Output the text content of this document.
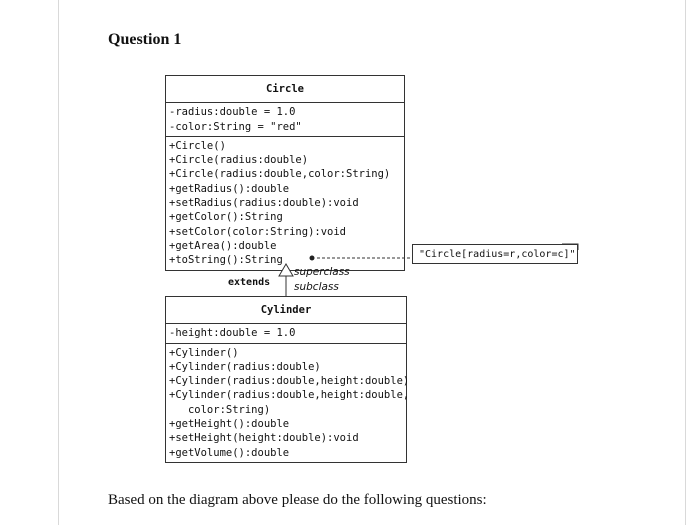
Question 1
Circle
-radius:double = 1.0
-color:String = "red"
+Circle()
+Circle(radius:double)
+Circle(radius:double,color:String)
+getRadius():double
+setRadius(radius:double):void
+getColor():String
+setColor(color:String):void
+getArea():double
+toString():String	"Circle[radius=r,color=c]"
extends
superclass
subclass
Cylinder
-height:double = 1.0
+Cylinder()
+Cylinder(radius:double)
+Cylinder(radius:double,height:double)
+Cylinder(radius:double,height:double,
color:String)
+getHeight():double
+setHeight(height:double):void
+getVolume():double
Based on the diagram above please do the following questions:
